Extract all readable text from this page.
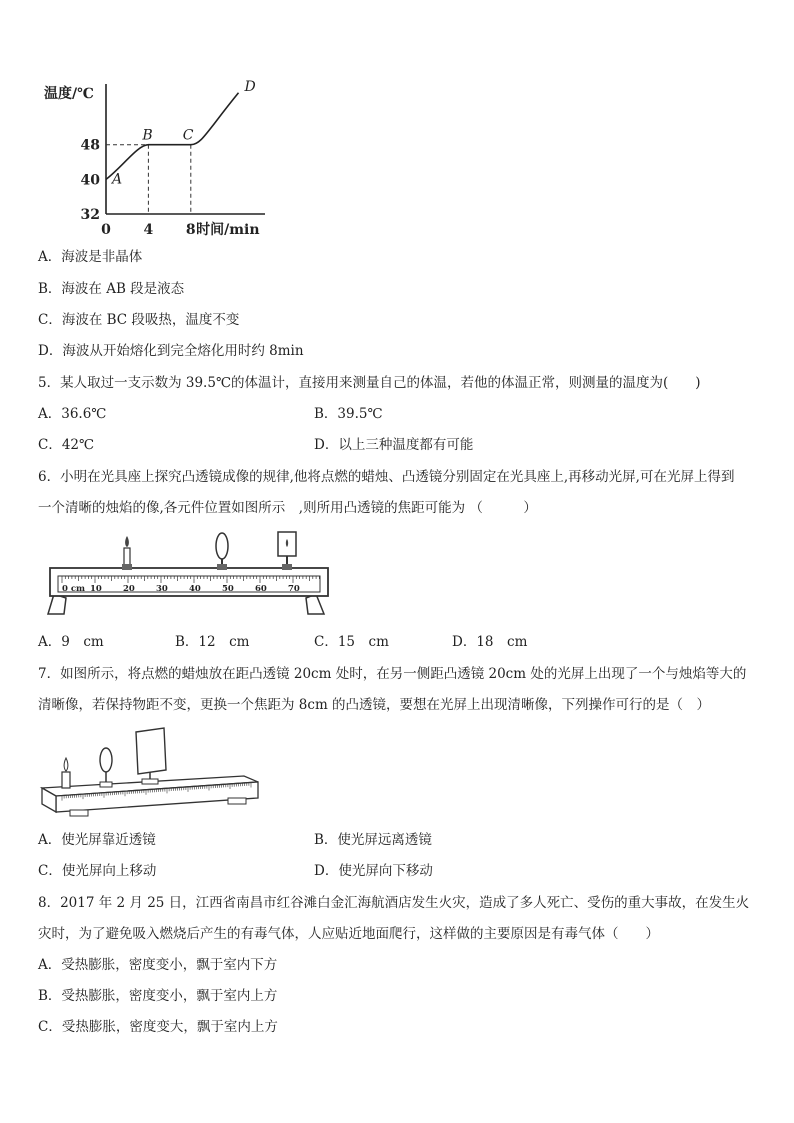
温度/℃
时间/min
32
40
48
0 4 8
A
B C
D
A．海波是非晶体
B．海波在 AB 段是液态
C．海波在 BC 段吸热，温度不变
D．海波从开始熔化到完全熔化用时约 8min
5．某人取过一支示数为 39.5℃的体温计，直接用来测量自己的体温，若他的体温正常，则测量的温度为(　　)
A．36.6℃	B．39.5℃
C．42℃	D．以上三种温度都有可能
6．小明在光具座上探究凸透镜成像的规律,他将点燃的蜡烛、凸透镜分别固定在光具座上,再移动光屏,可在光屏上得到
一个清晰的烛焰的像,各元件位置如图所示　,则所用凸透镜的焦距可能为 （　　　）
0 cm 10 20 30 40 50 60 70
A．9　cm	B．12　cm	C．15　cm	D．18　cm
7．如图所示，将点燃的蜡烛放在距凸透镜 20cm 处时，在另一侧距凸透镜 20cm 处的光屏上出现了一个与烛焰等大的
清晰像，若保持物距不变，更换一个焦距为 8cm 的凸透镜，要想在光屏上出现清晰像，下列操作可行的是（　）
A．使光屏靠近透镜	B．使光屏远离透镜
C．使光屏向上移动	D．使光屏向下移动
8．2017 年 2 月 25 日，江西省南昌市红谷滩白金汇海航酒店发生火灾，造成了多人死亡、受伤的重大事故，在发生火
灾时，为了避免吸入燃烧后产生的有毒气体，人应贴近地面爬行，这样做的主要原因是有毒气体（　　）
A．受热膨胀，密度变小，飘于室内下方
B．受热膨胀，密度变小，飘于室内上方
C．受热膨胀，密度变大，飘于室内上方
